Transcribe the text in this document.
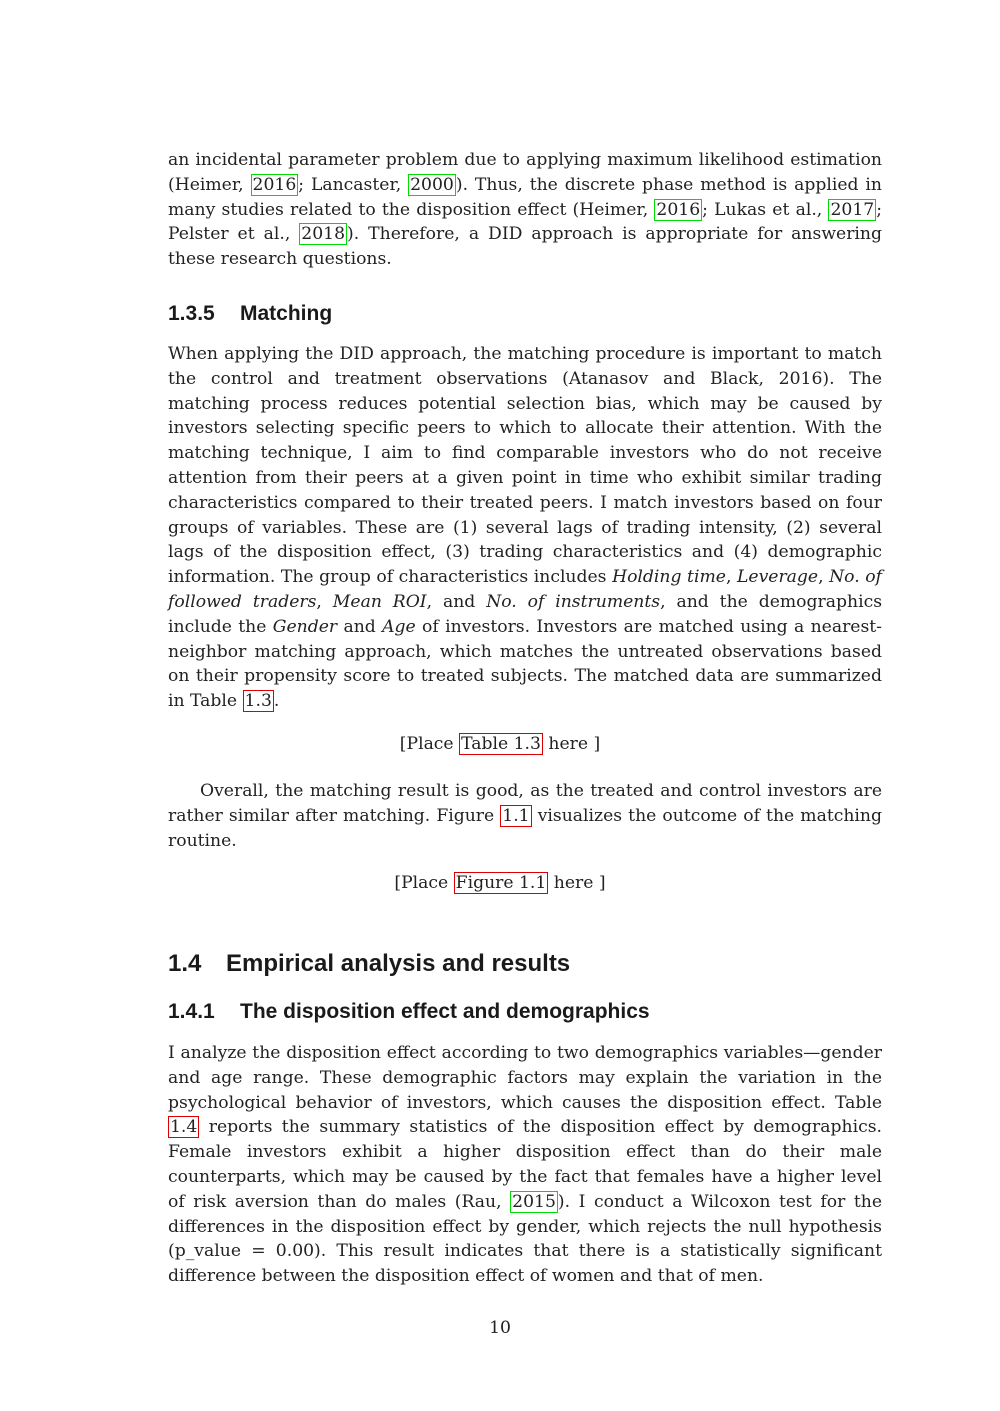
an incidental parameter problem due to applying maximum likelihood estimation (Heimer, 2016 ; Lancaster, 2000 ). Thus, the discrete phase method is applied in many studies related to the disposition effect (Heimer, 2016 ; Lukas et al., 2017 ; Pelster et al., 2018 ). Therefore, a DID approach is appropriate for answering these research questions.

1.3.5 Matching

When applying the DID approach, the matching procedure is important to match the control and treatment observations (Atanasov and Black, 2016). The matching process reduces potential selection bias, which may be caused by investors selecting specific peers to which to allocate their attention. With the matching technique, I aim to find comparable investors who do not receive attention from their peers at a given point in time who exhibit similar trading characteristics compared to their treated peers. I match investors based on four groups of variables. These are (1) several lags of trading intensity, (2) several lags of the disposition effect, (3) trading characteristics and (4) demographic information. The group of characteristics includes Holding time, Leverage, No. of followed traders, Mean ROI, and No. of instruments, and the demographics include the Gender and Age of investors. Investors are matched using a nearest-neighbor matching approach, which matches the untreated observations based on their propensity score to treated subjects. The matched data are summarized in Table 1.3 .

[Place Table 1.3 here ]

Overall, the matching result is good, as the treated and control investors are rather similar after matching. Figure 1.1 visualizes the outcome of the matching routine.

[Place Figure 1.1 here ]
1.4 Empirical analysis and results
1.4.1 The disposition effect and demographics

I analyze the disposition effect according to two demographics variables—gender and age range. These demographic factors may explain the variation in the psychological behavior of investors, which causes the disposition effect. Table 1.4 reports the summary statistics of the disposition effect by demographics. Female investors exhibit a higher disposition effect than do their male counterparts, which may be caused by the fact that females have a higher level of risk aversion than do males (Rau, 2015 ). I conduct a Wilcoxon test for the differences in the disposition effect by gender, which rejects the null hypothesis (p_value = 0.00). This result indicates that there is a statistically significant difference between the disposition effect of women and that of men.

10
